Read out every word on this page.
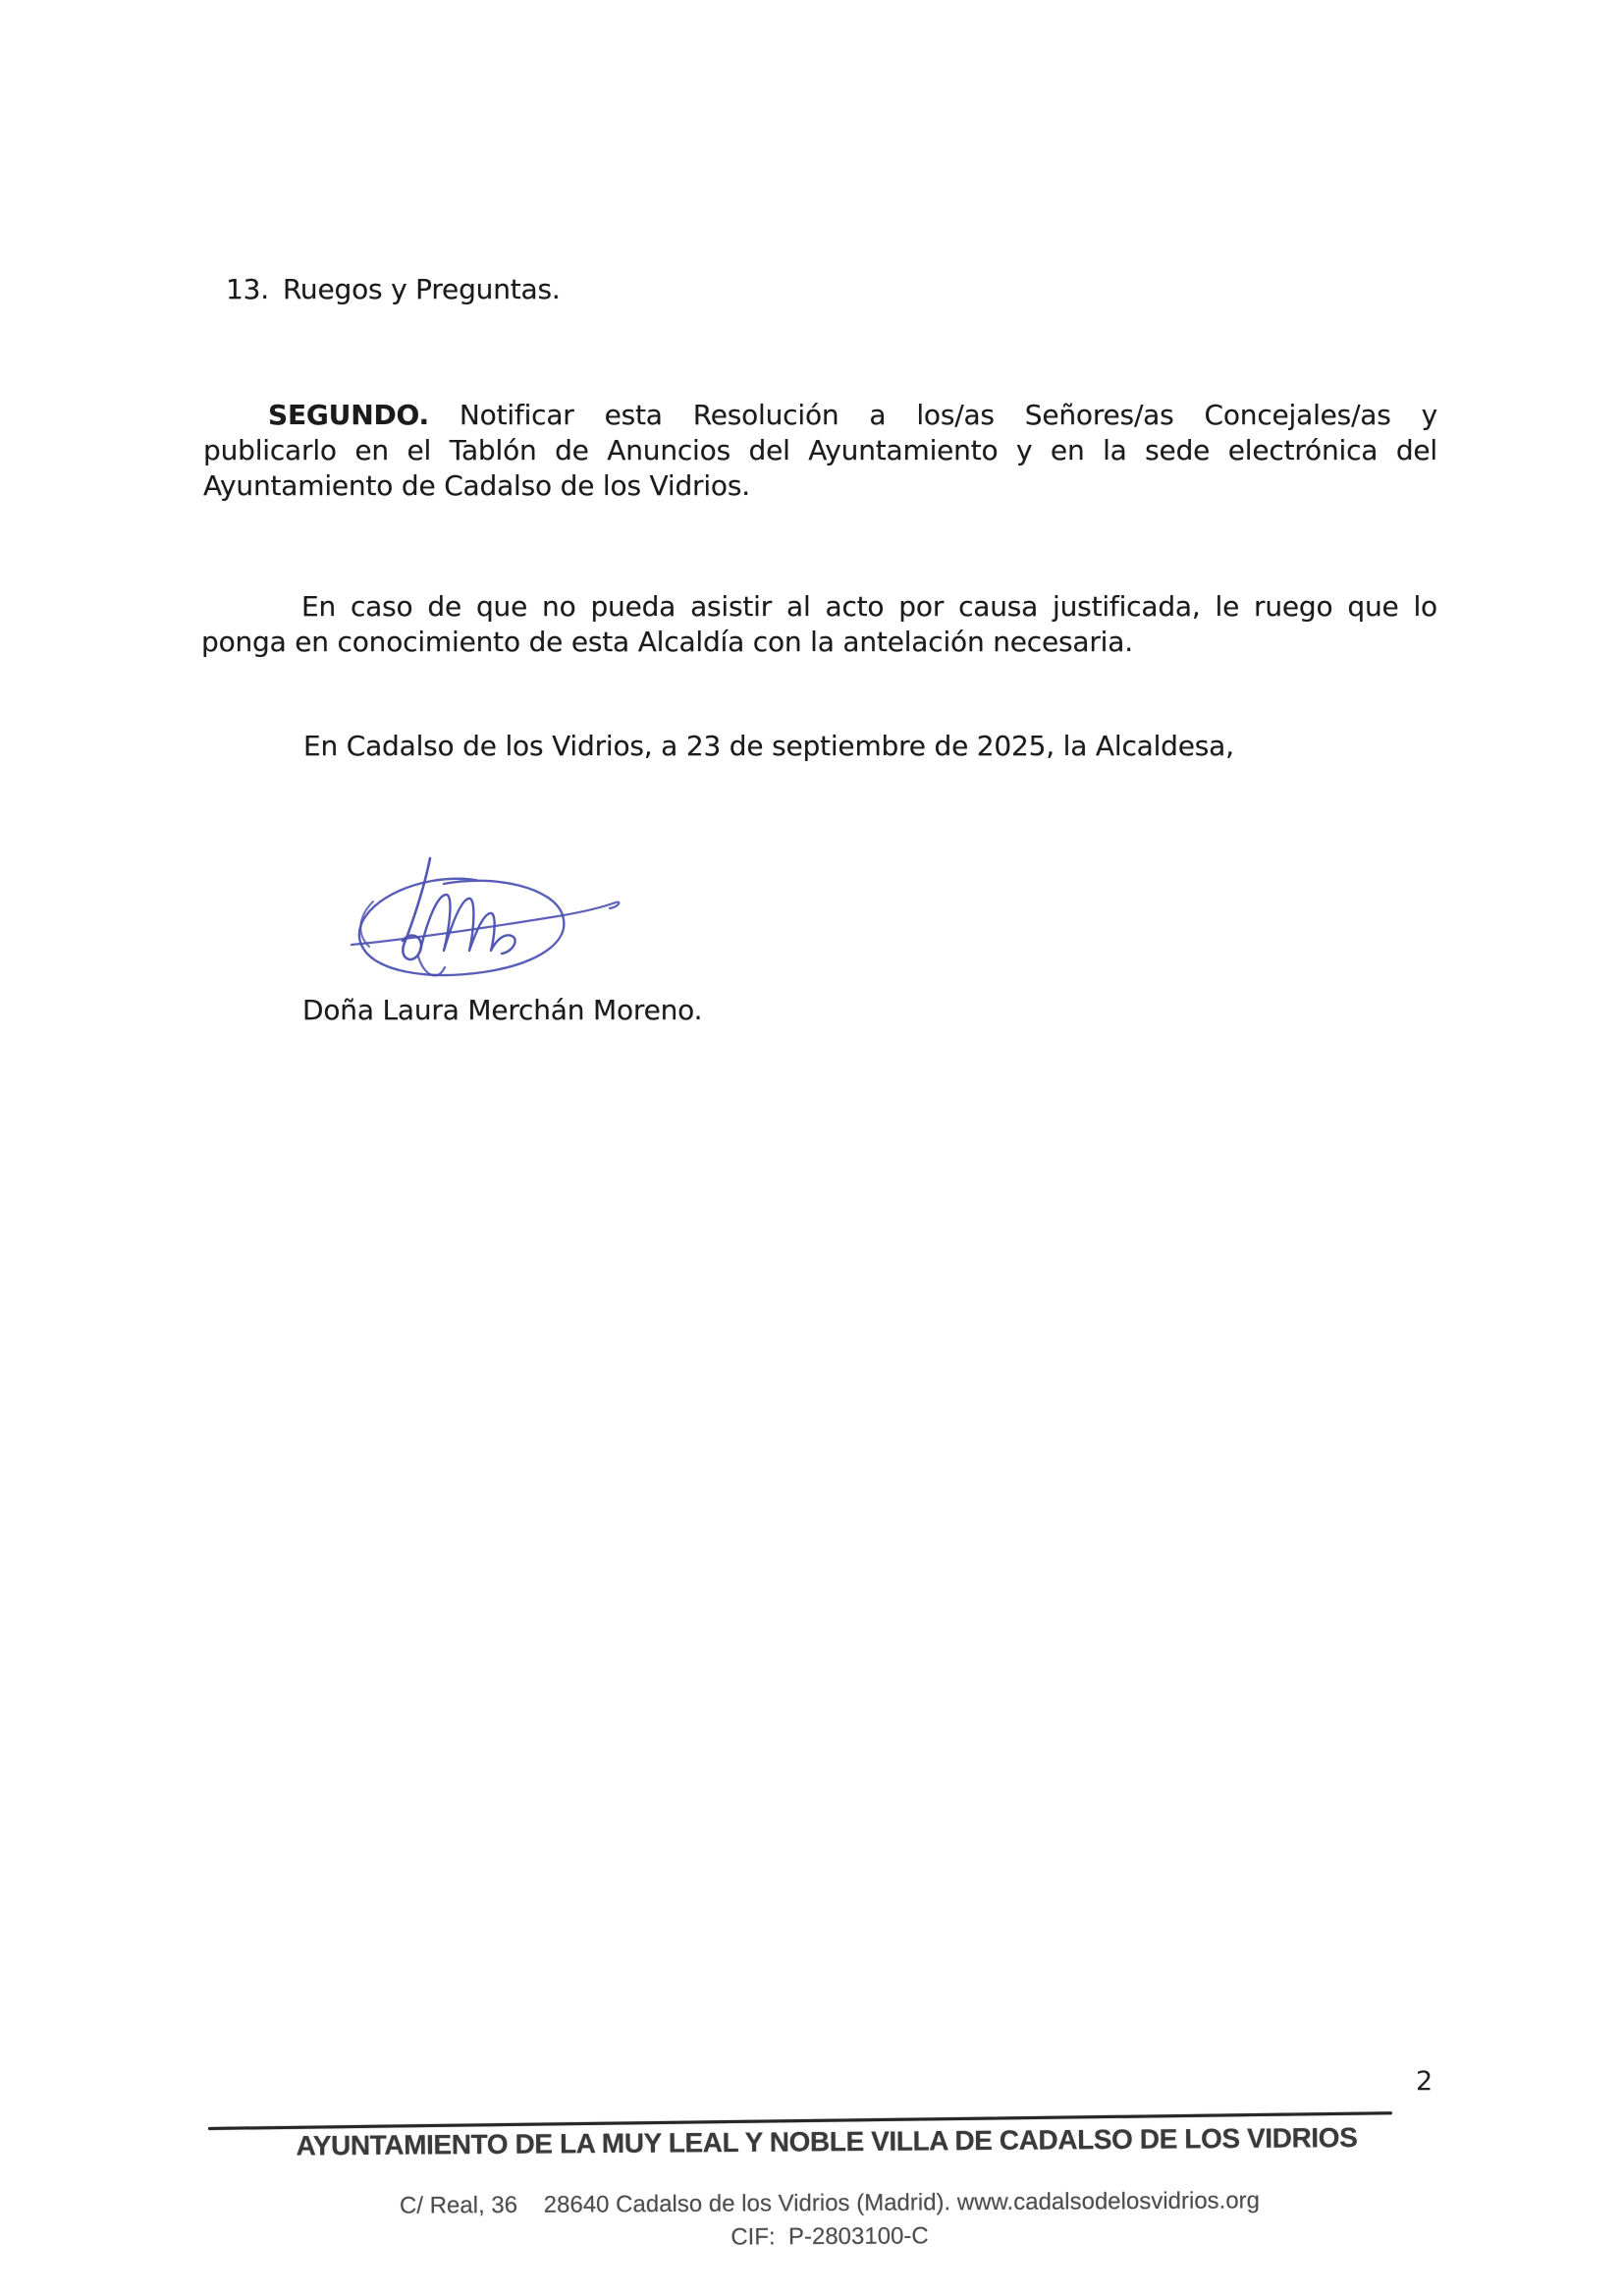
13. Ruegos y Preguntas.
SEGUNDO. Notificar esta Resolución a los/as Señores/as Concejales/as y
publicarlo en el Tablón de Anuncios del Ayuntamiento y en la sede electrónica del
Ayuntamiento de Cadalso de los Vidrios.
En caso de que no pueda asistir al acto por causa justificada, le ruego que lo
ponga en conocimiento de esta Alcaldía con la antelación necesaria.
En Cadalso de los Vidrios, a 23 de septiembre de 2025, la Alcaldesa,
Doña Laura Merchán Moreno.
2
AYUNTAMIENTO DE LA MUY LEAL Y NOBLE VILLA DE CADALSO DE LOS VIDRIOS
C/ Real, 36    28640 Cadalso de los Vidrios (Madrid). www.cadalsodelosvidrios.org
CIF:  P-2803100-C
